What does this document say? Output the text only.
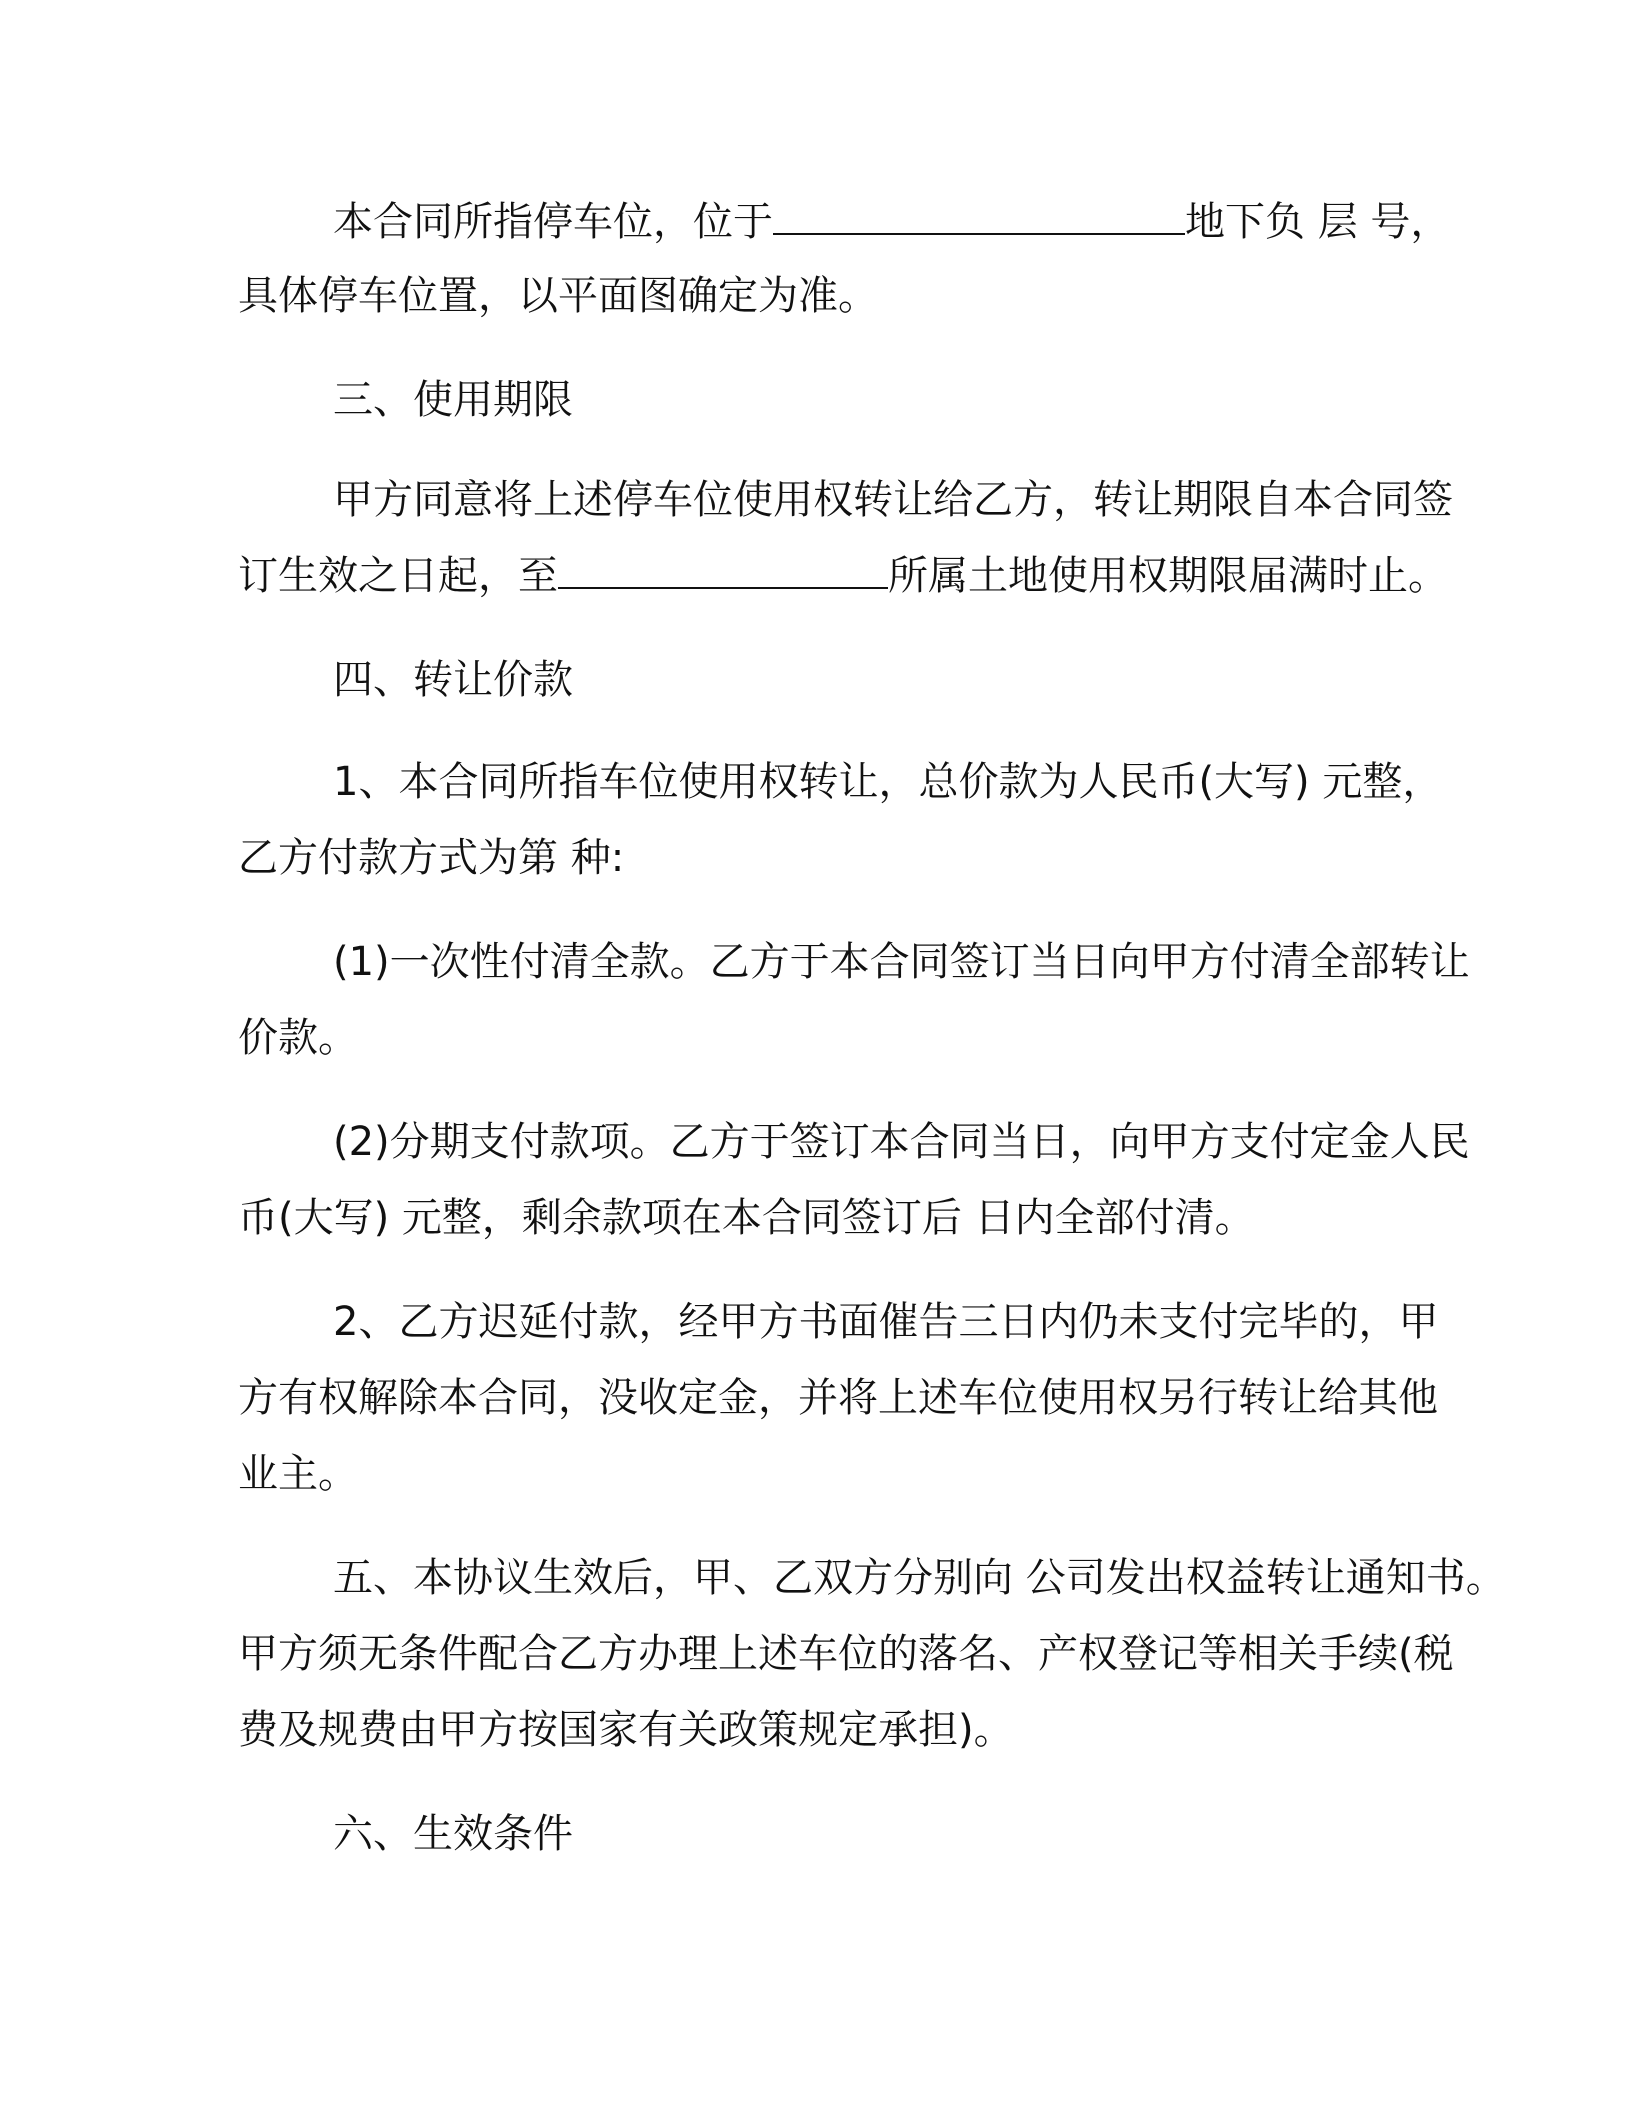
本合同所指停车位，位于	地下负 层 号，
具体停车位置，以平面图确定为准。
三、使用期限
甲方同意将上述停车位使用权转让给乙方，转让期限自本合同签
订生效之日起，至	所属土地使用权期限届满时止。
四、转让价款
1、本合同所指车位使用权转让，总价款为人民币(大写) 元整，
乙方付款方式为第 种:
(1)一次性付清全款。乙方于本合同签订当日向甲方付清全部转让
价款。
(2)分期支付款项。乙方于签订本合同当日，向甲方支付定金人民
币(大写) 元整，剩余款项在本合同签订后 日内全部付清。
2、乙方迟延付款，经甲方书面催告三日内仍未支付完毕的，甲
方有权解除本合同，没收定金，并将上述车位使用权另行转让给其他
业主。
五、本协议生效后，甲、乙双方分别向 公司发出权益转让通知书。
甲方须无条件配合乙方办理上述车位的落名、产权登记等相关手续(税
费及规费由甲方按国家有关政策规定承担)。
六、生效条件
